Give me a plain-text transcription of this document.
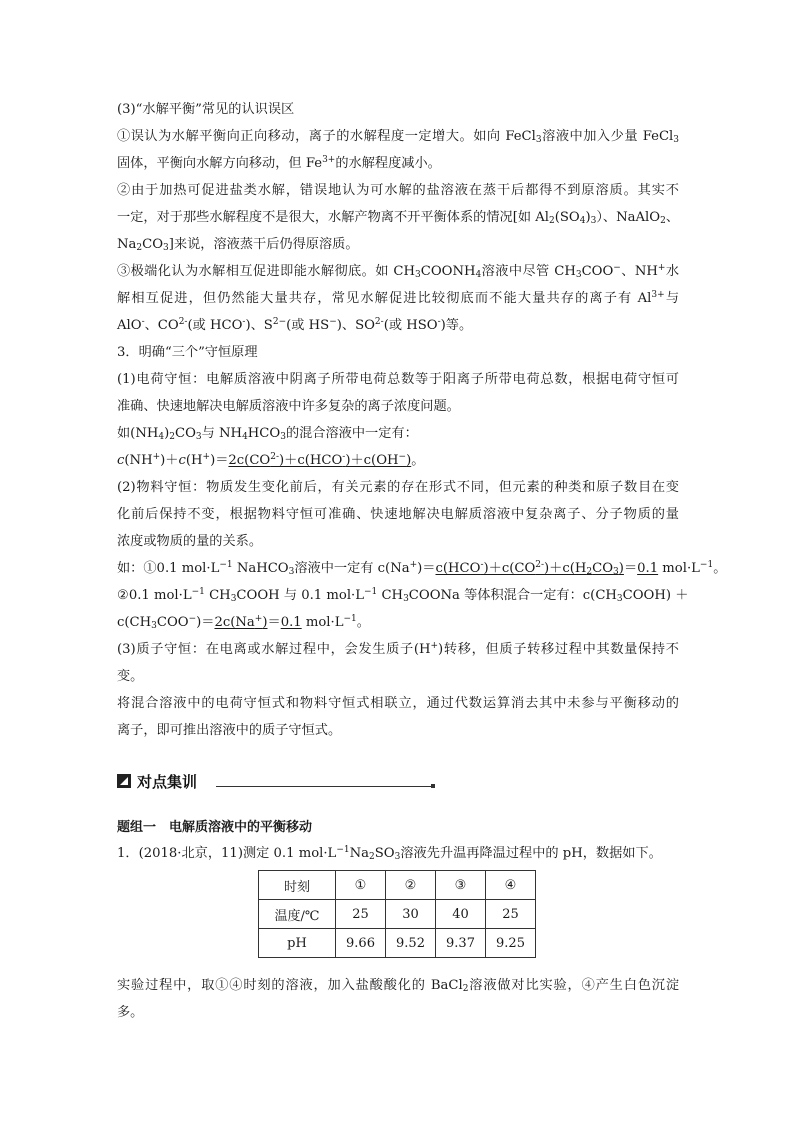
(3)“水解平衡”常见的认识误区
①误认为水解平衡向正向移动，离子的水解程度一定增大。如向 FeCl$_3$溶液中加入少量 FeCl$_3$
固体，平衡向水解方向移动，但 $Fe^{3+}$的水解程度减小。
②由于加热可促进盐类水解，错误地认为可水解的盐溶液在蒸干后都得不到原溶质。其实不
一定，对于那些水解程度不是很大，水解产物离不开平衡体系的情况[如 $Al_2(SO_4)_3$）、NaAlO$_2$、
$Na_2CO_3$]来说，溶液蒸干后仍得原溶质。
③极端化认为水解相互促进即能水解彻底。如 $CH_3COONH_4$溶液中尽管 $CH_3COO^-$、NH+水
解相互促进，但仍然能大量共存，常见水解促进比较彻底而不能大量共存的离子有 $Al^{3+}$与
AlO-、$CO^{2-}$(或 HCO-)、$S^{2-}$(或 HS−)、$SO^{2-}$(或 HSO-)等。
3．明确“三个”守恒原理
(1)电荷守恒：电解质溶液中阴离子所带电荷总数等于阳离子所带电荷总数，根据电荷守恒可
准确、快速地解决电解质溶液中许多复杂的离子浓度问题。
如$(NH_4)_2CO_3$与 $NH_4HCO_3$的混合溶液中一定有：
$c(NH^+)+c(H^+)=2c(CO^{2-})+c(HCO^-)+c(OH^-)$。
(2)物料守恒：物质发生变化前后，有关元素的存在形式不同，但元素的种类和原子数目在变
化前后保持不变，根据物料守恒可准确、快速地解决电解质溶液中复杂离子、分子物质的量
浓度或物质的量的关系。
如：①0.1 $mol\cdot L^{-1}$ NaHCO$_3$溶液中一定有 $c(Na^+)=c(HCO^-)+c(CO^{2-})+c(H_2CO_3)=0.1$ $mol\cdot L^{-1}$。
②0.1 $mol\cdot L^{-1}$ $CH_3COOH$ 与 0.1 $mol\cdot L^{-1}$ $CH_3COONa$ 等体积混合一定有：$c(CH_3COOH)$ ＋
$c(CH_3COO^-)=2c(Na^+)=0.1$ $mol\cdot L^{-1}$。
(3)质子守恒：在电离或水解过程中，会发生质子(H+)转移，但质子转移过程中其数量保持不
变。
将混合溶液中的电荷守恒式和物料守恒式相联立，通过代数运算消去其中未参与平衡移动的
离子，即可推出溶液中的质子守恒式。
对点集训
题组一　电解质溶液中的平衡移动
1．(2018·北京，11)测定 0.1 $mol\cdot L^{-1}Na_2SO_3$溶液先升温再降温过程中的 pH，数据如下。
时刻	①	②	③	④
温度/℃	25	30	40	25
pH	9.66	9.52	9.37	9.25
实验过程中，取①④时刻的溶液，加入盐酸酸化的 BaCl$_2$溶液做对比实验，④产生白色沉淀
多。
